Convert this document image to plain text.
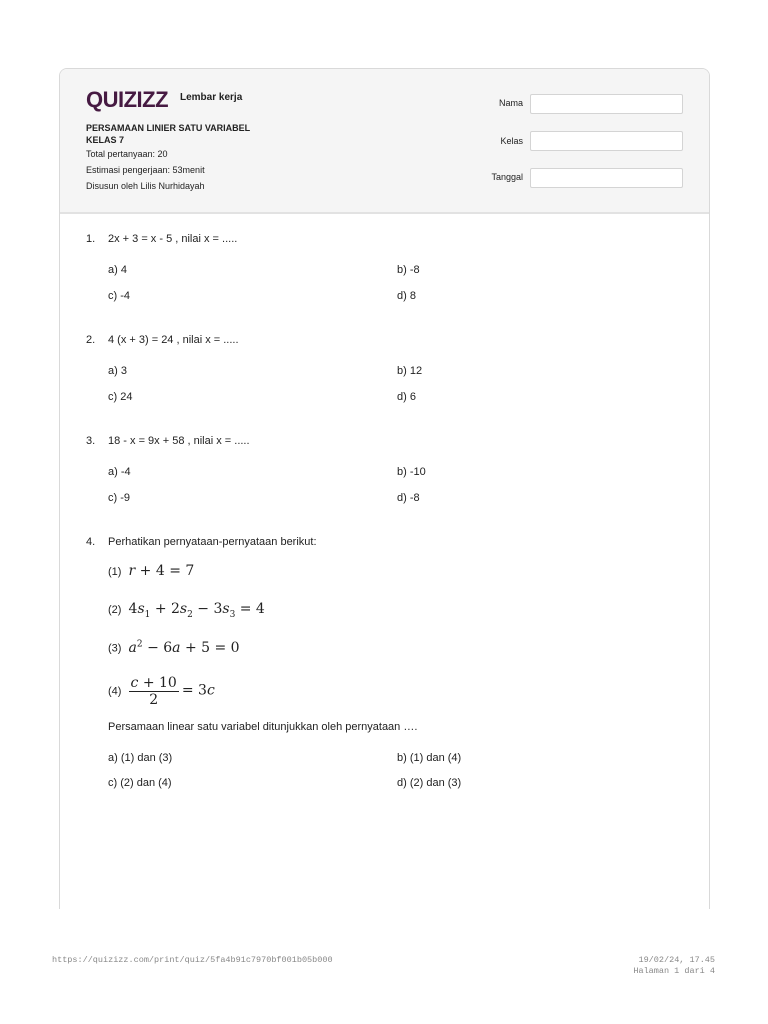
QUIZIZZ Lembar kerja
PERSAMAAN LINIER SATU VARIABEL
KELAS 7
Total pertanyaan: 20
Estimasi pengerjaan: 53menit
Disusun oleh Lilis Nurhidayah
Nama
Kelas
Tanggal
1. 2x + 3 = x - 5 , nilai x = .....
a) 4	b) -8
c) -4	d) 8
2. 4 (x + 3) = 24 , nilai x = .....
a) 3	b) 12
c) 24	d) 6
3. 18 - x = 9x + 58 , nilai x = .....
a) -4	b) -10
c) -9	d) -8
4. Perhatikan pernyataan-pernyataan berikut:
(1) r + 4 = 7
(2) $4s_1 + 2s_2 - 3s_3 = 4$
(3) $a^2 - 6a + 5 = 0$
$(4) \frac{c + 10}{2} = 3c$
Persamaan linear satu variabel ditunjukkan oleh pernyataan ….
a) (1) dan (3)	b) (1) dan (4)
c) (2) dan (4)	d) (2) dan (3)
https://quizizz.com/print/quiz/5fa4b91c7970bf001b05b000	19/02/24, 17.45
Halaman 1 dari 4
